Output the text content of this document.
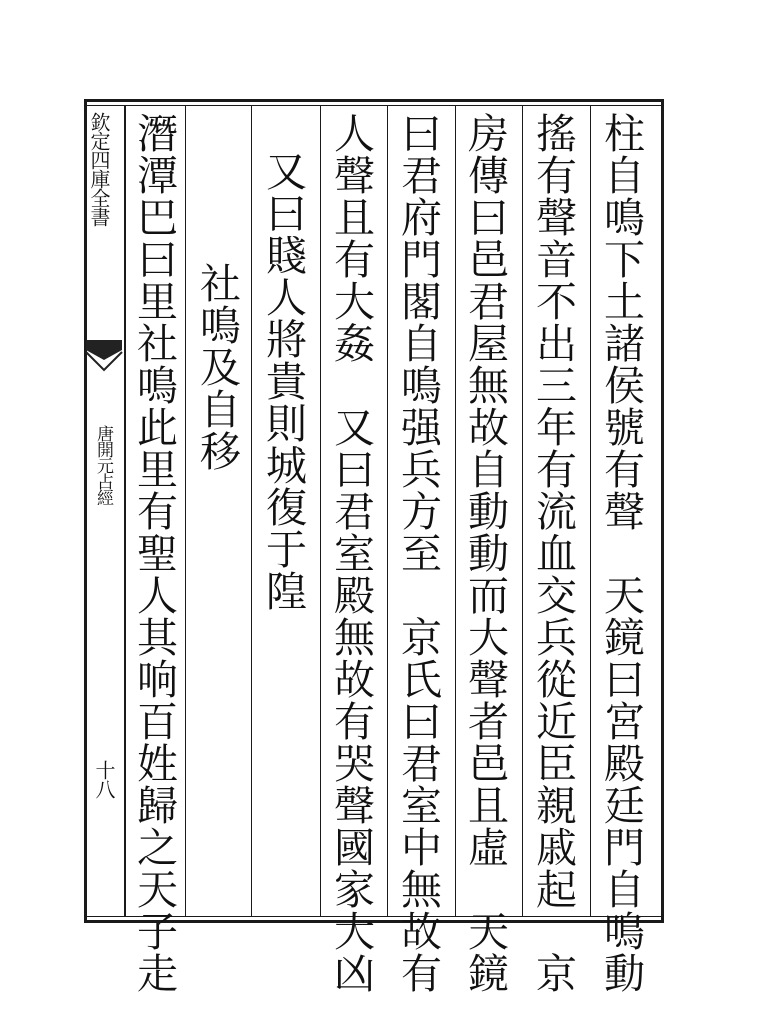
欽定四庫全書
唐開元占經
十八	柱自鳴下土諸侯號有聲　天鏡曰宮殿廷門自鳴動
搖有聲音不出三年有流血交兵從近臣親戚起　京
房傳曰邑君屋無故自動動而大聲者邑且虛　天鏡
曰君府門閣自鳴强兵方至　京氏曰君室中無故有
人聲且有大姦　又曰君室殿無故有哭聲國家大凶
又曰賤人將貴則城復于隍
社鳴及自移
潛潭巴曰里社鳴此里有聖人其响百姓歸之天子走
